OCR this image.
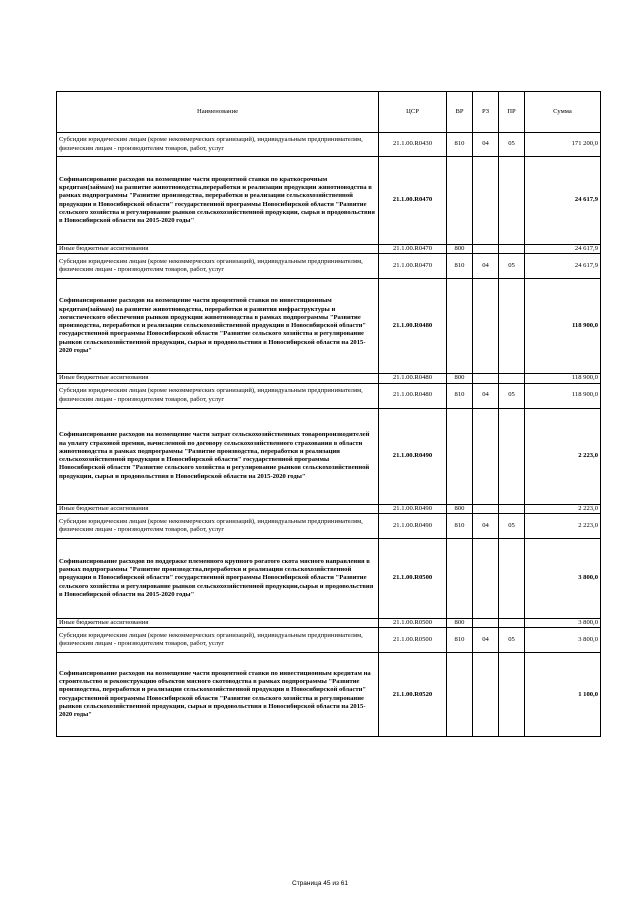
Наименование	ЦСР	ВР	РЗ	ПР	Сумма
Субсидии юридическим лицам (кроме некоммерческих организаций), индивидуальным предпринимателям, физическим лицам - производителям товаров, работ, услуг	21.1.00.R0430	810	04	05	171 200,0
Софинансирование расходов на возмещение части процентной ставки по краткосрочным кредитам(займам) на развитие животноводства,переработки и реализации продукции животноводства в рамках подпрограммы "Развитие производства, переработки и реализации сельскохозяйственной продукции в Новосибирской области" государственной программы Новосибирской области "Развитие сельского хозяйства и регулирование рынков сельскохозяйственной продукции, сырья и продовольствия в Новосибирской области на 2015-2020 годы"	21.1.00.R0470				24 617,9
Иные бюджетные ассигнования	21.1.00.R0470	800			24 617,9
Субсидии юридическим лицам (кроме некоммерческих организаций), индивидуальным предпринимателям, физическим лицам - производителям товаров, работ, услуг	21.1.00.R0470	810	04	05	24 617,9
Софинансирование расходов на возмещение части процентной ставки по инвестиционным кредитам(займам) на развитие животноводства, переработки и развития инфраструктуры и логистического обеспечения рынков продукции животноводства в рамках подпрограммы "Развитие производства, переработки и реализации сельскохозяйственной продукции в Новосибирской области" государственной программы Новосибирской области "Развитие сельского хозяйства и регулирование рынков сельскохозяйственной продукции, сырья и продовольствия в Новосибирской области на 2015-2020 годы"	21.1.00.R0480				118 900,0
Иные бюджетные ассигнования	21.1.00.R0480	800			118 900,0
Субсидии юридическим лицам (кроме некоммерческих организаций), индивидуальным предпринимателям, физическим лицам - производителям товаров, работ, услуг	21.1.00.R0480	810	04	05	118 900,0
Софинансирование расходов на возмещение части затрат сельскохозяйственных товаропроизводителей на уплату страховой премии, начисленной по договору сельскохозяйственного страхования в области животноводства в рамках подпрограммы "Развитие производства, переработки и реализации сельскохозяйственной продукции в Новосибирской области" государственной программы Новосибирской области "Развитие сельского хозяйства и регулирование рынков сельскохозяйственной продукции, сырья и продовольствия в Новосибирской области на 2015-2020 годы"	21.1.00.R0490				2 223,0
Иные бюджетные ассигнования	21.1.00.R0490	800			2 223,0
Субсидии юридическим лицам (кроме некоммерческих организаций), индивидуальным предпринимателям, физическим лицам - производителям товаров, работ, услуг	21.1.00.R0490	810	04	05	2 223,0
Софинансирование расходов по поддержке племенного крупного рогатого скота мясного направления в рамках подпрограммы "Развитие производства,переработки и реализации сельскохозяйственной продукции в Новосибирской области" государственной программы Новосибирской области "Развитие сельского хозяйства и регулирование рынков сельскохозяйственной продукции,сырья и продовольствия в Новосибирской области на 2015-2020 годы"	21.1.00.R0500				3 800,0
Иные бюджетные ассигнования	21.1.00.R0500	800			3 800,0
Субсидии юридическим лицам (кроме некоммерческих организаций), индивидуальным предпринимателям, физическим лицам - производителям товаров, работ, услуг	21.1.00.R0500	810	04	05	3 800,0
Софинансирование расходов на возмещение части процентной ставки по инвестиционным кредитам на строительство и реконструкцию объектов мясного скотоводства в рамках подпрограммы "Развитие производства, переработки и реализации сельскохозяйственной продукции в Новосибирской области" государственной программы Новосибирской области "Развитие сельского хозяйства и регулирование рынков сельскохозяйственной продукции, сырья и продовольствия в Новосибирской области на 2015-2020 годы"	21.1.00.R0520				1 100,0
Страница 45 из 61
